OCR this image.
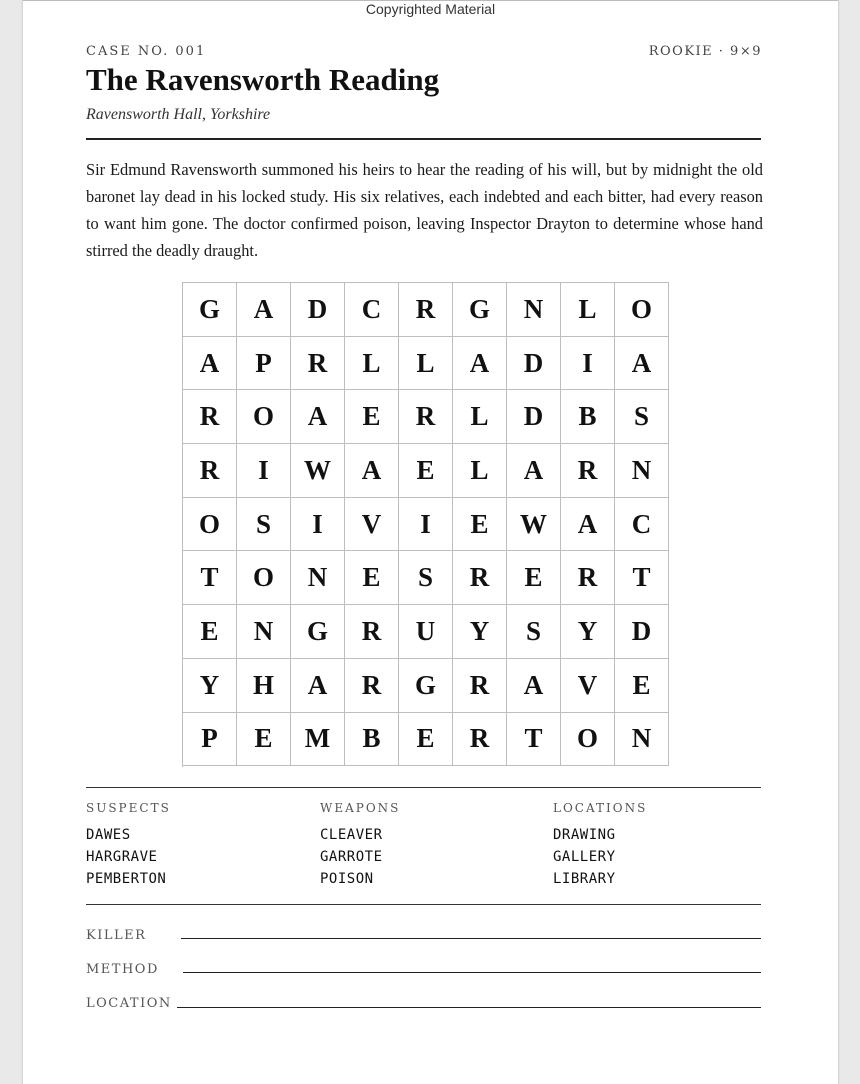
Copyrighted Material
CASE NO. 001	ROOKIE · 9×9
The Ravensworth Reading
Ravensworth Hall, Yorkshire
Sir Edmund Ravensworth summoned his heirs to hear the reading of his will, but by midnight the old baronet lay dead in his locked study. His six relatives, each indebted and each bitter, had every reason to want him gone. The doctor confirmed poison, leaving Inspector Drayton to determine whose hand stirred the deadly draught.
G	A	D	C	R	G	N	L	O
A	P	R	L	L	A	D	I	A
R	O	A	E	R	L	D	B	S
R	I	W	A	E	L	A	R	N
O	S	I	V	I	E	W	A	C
T	O	N	E	S	R	E	R	T
E	N	G	R	U	Y	S	Y	D
Y	H	A	R	G	R	A	V	E
P	E	M	B	E	R	T	O	N
SUSPECTS
DAWES
HARGRAVE
PEMBERTON
WEAPONS
CLEAVER
GARROTE
POISON
LOCATIONS
DRAWING
GALLERY
LIBRARY
KILLER
METHOD
LOCATION
